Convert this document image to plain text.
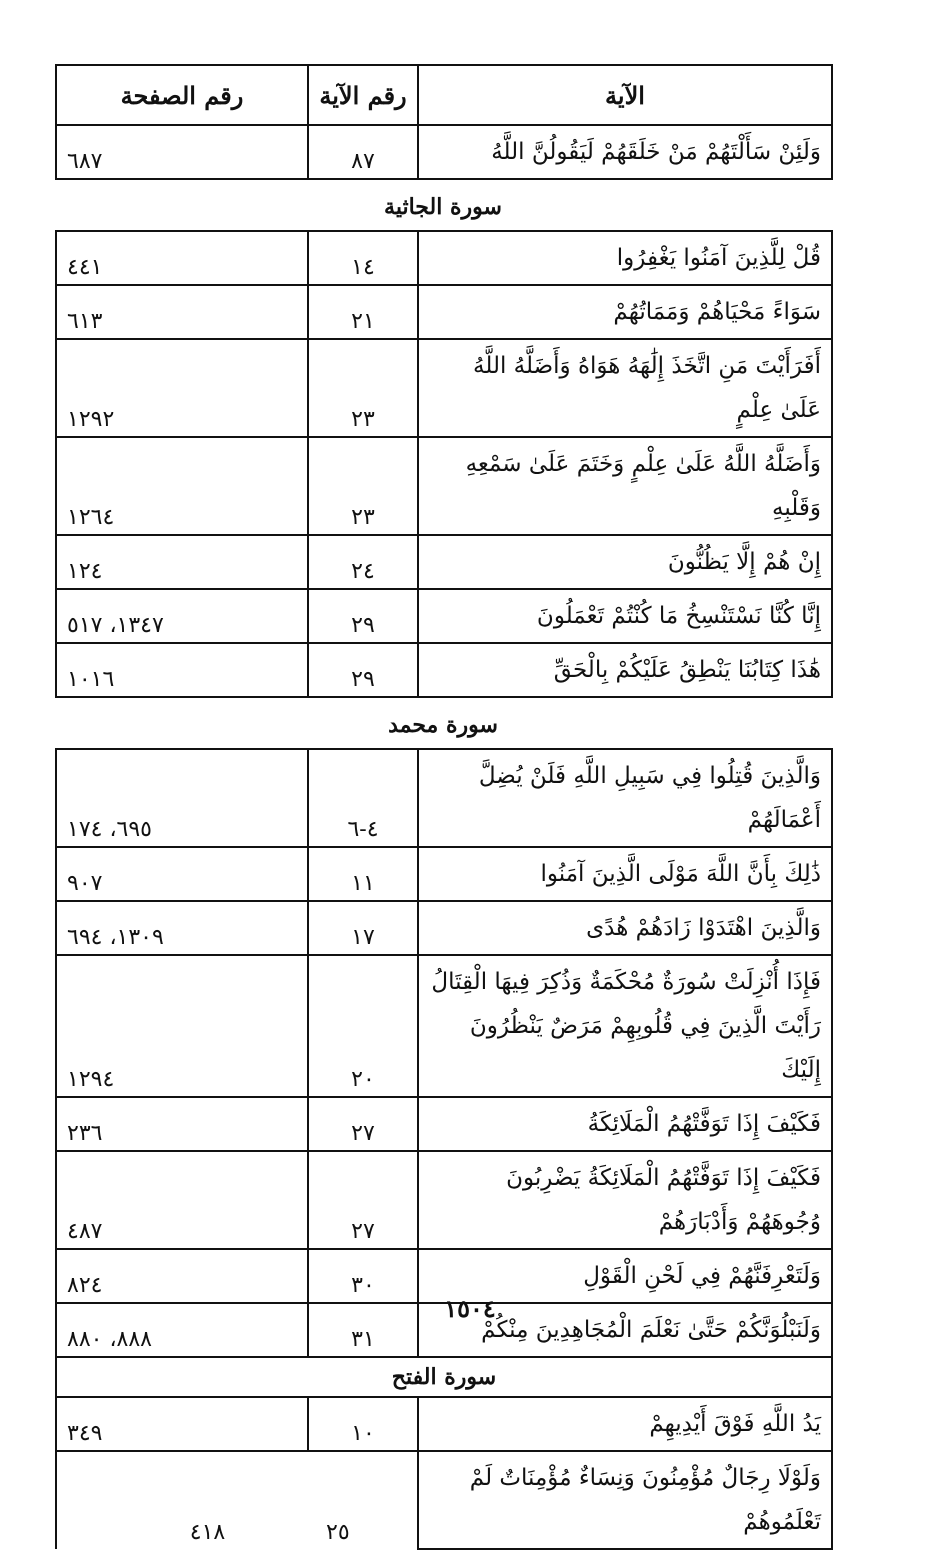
الآية	رقم الآية	رقم الصفحة
وَلَئِنْ سَأَلْتَهُمْ مَنْ خَلَقَهُمْ لَيَقُولُنَّ اللَّهُ	٨٧	٦٨٧
سورة الجاثية
قُلْ لِلَّذِينَ آمَنُوا يَغْفِرُوا	١٤	٤٤١
سَوَاءً مَحْيَاهُمْ وَمَمَاتُهُمْ	٢١	٦١٣
أَفَرَأَيْتَ مَنِ اتَّخَذَ إِلَٰهَهُ هَوَاهُ وَأَضَلَّهُ اللَّهُ عَلَىٰ عِلْمٍ	٢٣	١٢٩٢
وَأَضَلَّهُ اللَّهُ عَلَىٰ عِلْمٍ وَخَتَمَ عَلَىٰ سَمْعِهِ وَقَلْبِهِ	٢٣	١٢٦٤
إِنْ هُمْ إِلَّا يَظُنُّونَ	٢٤	١٢٤
إِنَّا كُنَّا نَسْتَنْسِخُ مَا كُنْتُمْ تَعْمَلُونَ	٢٩	١٣٤٧، ٥١٧
هَٰذَا كِتَابُنَا يَنْطِقُ عَلَيْكُمْ بِالْحَقِّ	٢٩	١٠١٦
سورة محمد
وَالَّذِينَ قُتِلُوا فِي سَبِيلِ اللَّهِ فَلَنْ يُضِلَّ أَعْمَالَهُمْ	٤-٦	٦٩٥، ١٧٤
ذَٰلِكَ بِأَنَّ اللَّهَ مَوْلَى الَّذِينَ آمَنُوا	١١	٩٠٧
وَالَّذِينَ اهْتَدَوْا زَادَهُمْ هُدًى	١٧	١٣٠٩، ٦٩٤
فَإِذَا أُنْزِلَتْ سُورَةٌ مُحْكَمَةٌ وَذُكِرَ فِيهَا الْقِتَالُ رَأَيْتَ الَّذِينَ فِي قُلُوبِهِمْ مَرَضٌ يَنْظُرُونَ إِلَيْكَ	٢٠	١٢٩٤
فَكَيْفَ إِذَا تَوَفَّتْهُمُ الْمَلَائِكَةُ	٢٧	٢٣٦
فَكَيْفَ إِذَا تَوَفَّتْهُمُ الْمَلَائِكَةُ يَضْرِبُونَ وُجُوهَهُمْ وَأَدْبَارَهُمْ	٢٧	٤٨٧
وَلَتَعْرِفَنَّهُمْ فِي لَحْنِ الْقَوْلِ	٣٠	٨٢٤
وَلَنَبْلُوَنَّكُمْ حَتَّىٰ نَعْلَمَ الْمُجَاهِدِينَ مِنْكُمْ	٣١	٨٨٨، ٨٨٠
سورة الفتح		
يَدُ اللَّهِ فَوْقَ أَيْدِيهِمْ	١٠	٣٤٩
وَلَوْلَا رِجَالٌ مُؤْمِنُونَ وَنِسَاءٌ مُؤْمِنَاتٌ لَمْ تَعْلَمُوهُمْ	٢٥	٤١٨
١٥٠٤
